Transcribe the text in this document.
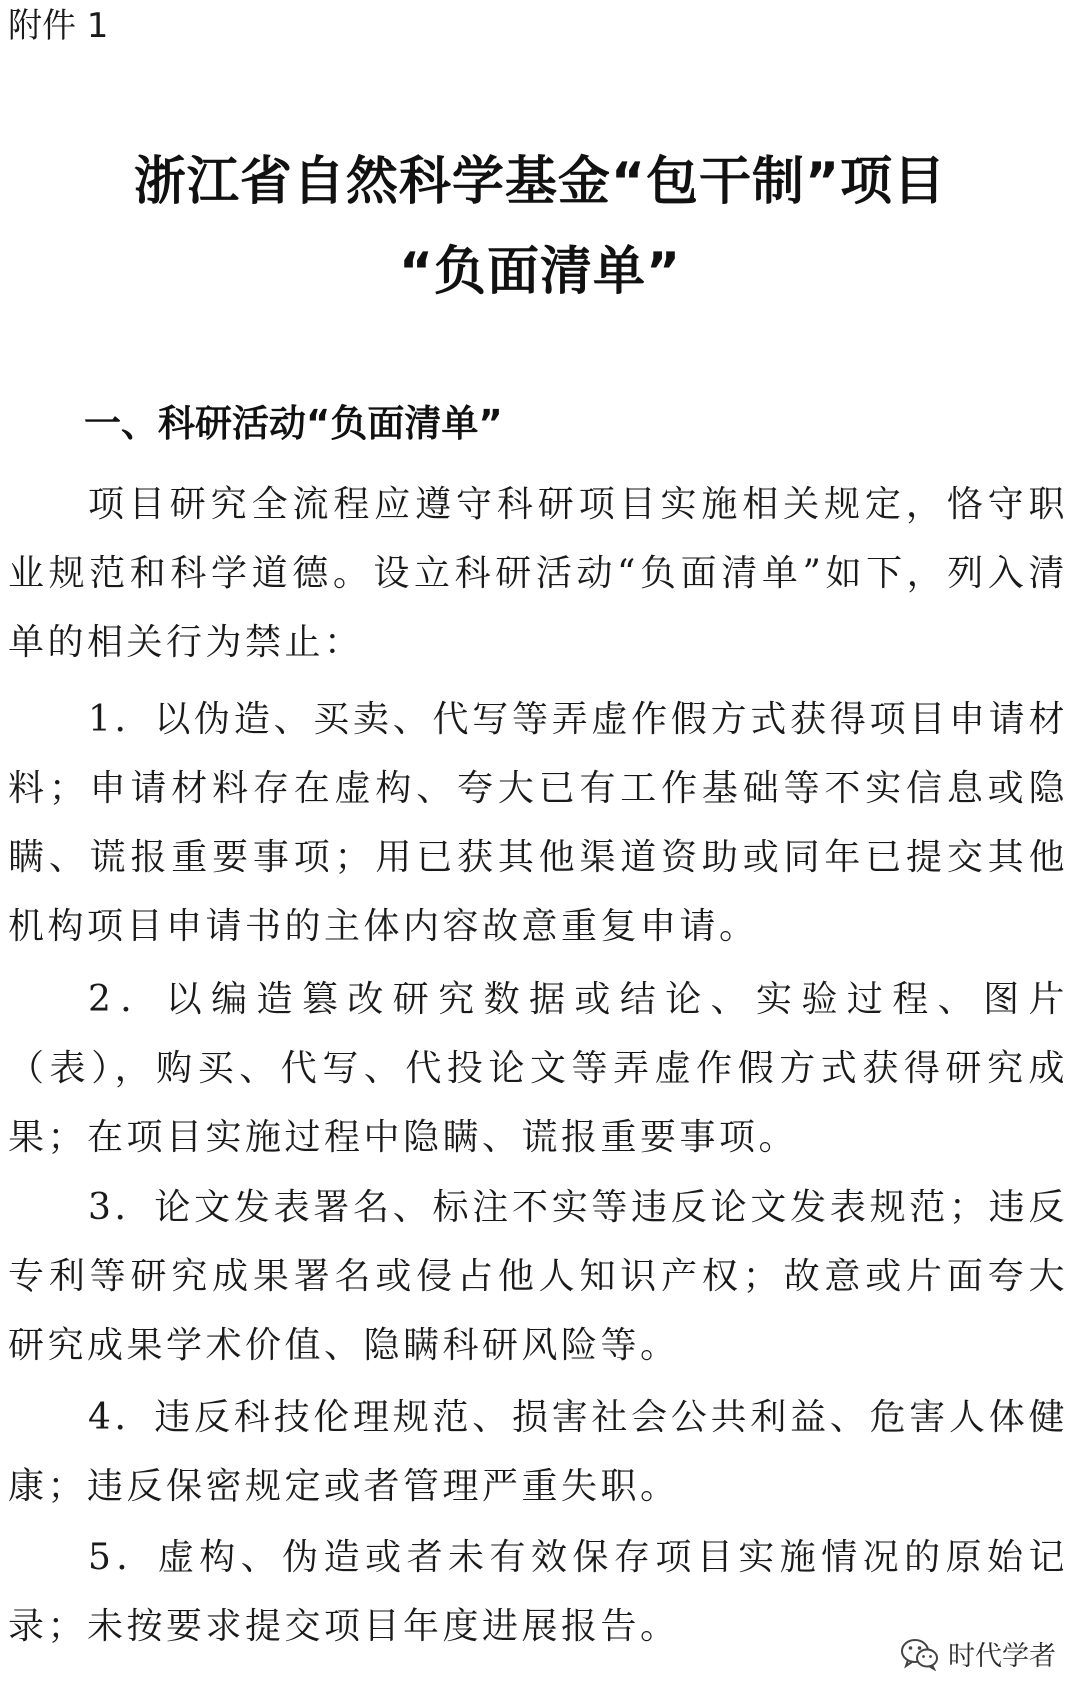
附件 1
浙江省自然科学基金“包干制”项目
“负面清单”
一、科研活动“负面清单”
项目研究全流程应遵守科研项目实施相关规定，恪守职业规范和科学道德。设立科研活动“负面清单”如下，列入清单的相关行为禁止：
1．以伪造、买卖、代写等弄虚作假方式获得项目申请材料；申请材料存在虚构、夸大已有工作基础等不实信息或隐瞒、谎报重要事项；用已获其他渠道资助或同年已提交其他机构项目申请书的主体内容故意重复申请。
2．以编造篡改研究数据或结论、实验过程、图片（表），购买、代写、代投论文等弄虚作假方式获得研究成果；在项目实施过程中隐瞒、谎报重要事项。
3．论文发表署名、标注不实等违反论文发表规范；违反专利等研究成果署名或侵占他人知识产权；故意或片面夸大研究成果学术价值、隐瞒科研风险等。
4．违反科技伦理规范、损害社会公共利益、危害人体健康；违反保密规定或者管理严重失职。
5．虚构、伪造或者未有效保存项目实施情况的原始记录；未按要求提交项目年度进展报告。
时代学者
